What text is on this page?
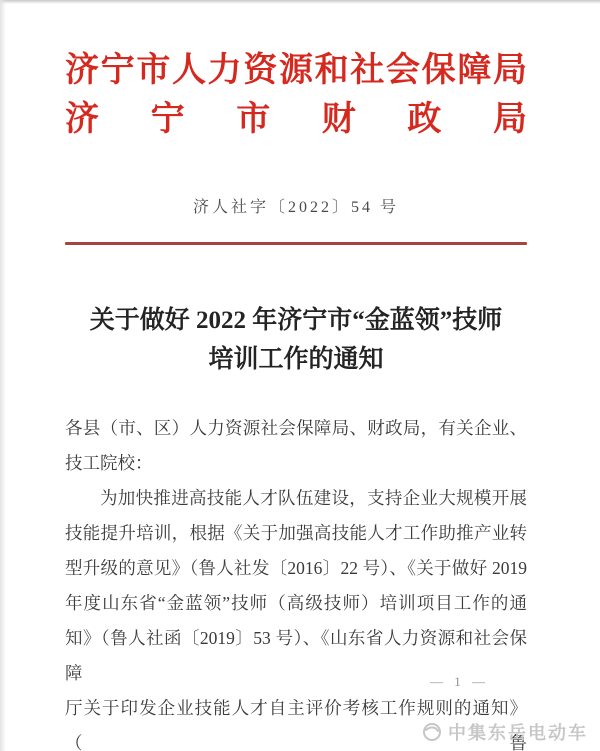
济宁市人力资源和社会保障局
济宁市财政局
济人社字〔2022〕54 号
关于做好 2022 年济宁市“金蓝领”技师
培训工作的通知
各县（市、区）人力资源社会保障局、财政局，有关企业、
技工院校：
为加快推进高技能人才队伍建设，支持企业大规模开展
技能提升培训，根据《关于加强高技能人才工作助推产业转
型升级的意见》（鲁人社发〔2016〕22 号）、《关于做好 2019
年度山东省“金蓝领”技师（高级技师）培训项目工作的通
知》（鲁人社函〔2019〕53 号）、《山东省人力资源和社会保障
厅关于印发企业技能人才自主评价考核工作规则的通知》（鲁
— 1 —
中集东岳电动车
